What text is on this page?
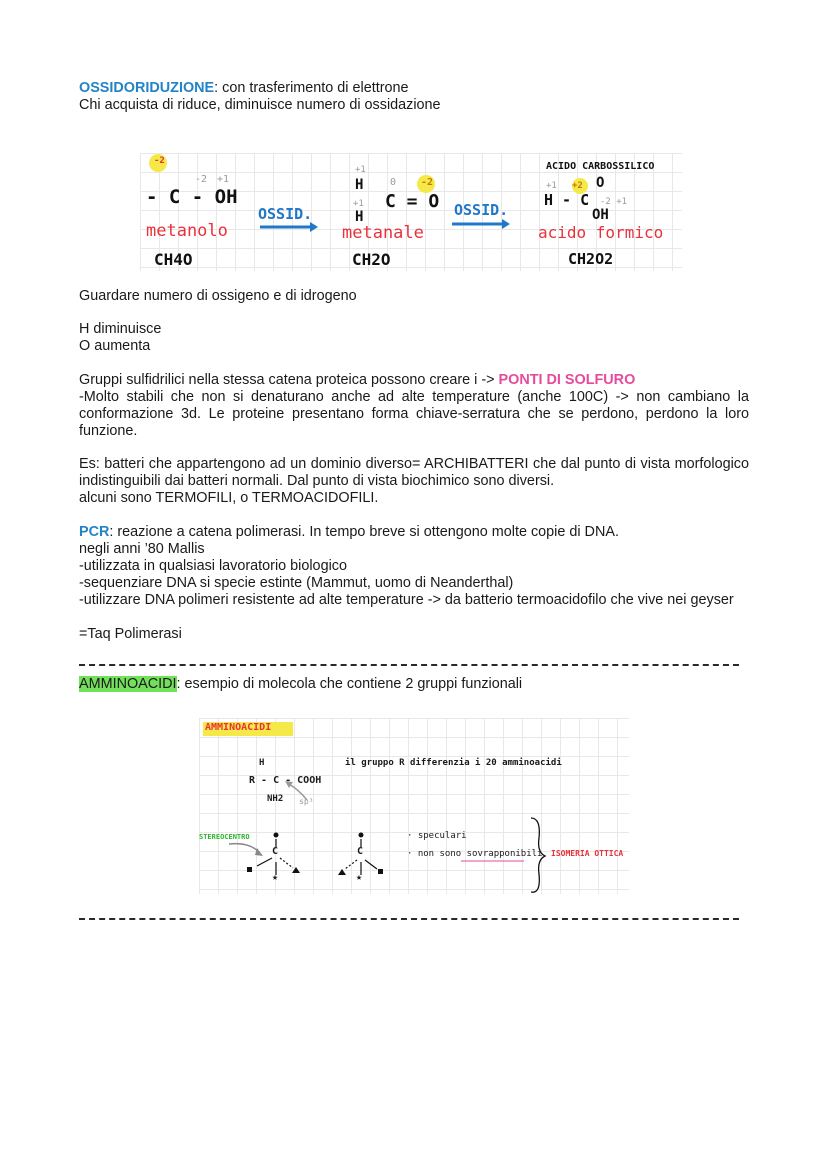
OSSIDORIDUZIONE: con trasferimento di elettrone
Chi acquista di riduce, diminuisce numero di ossidazione
-2
-2 +1
- C - OH
metanolo
CH4O
OSSID.
+1
H	0 -2
C = O
+1
H
metanale
CH2O
OSSID.
ACIDO CARBOSSILICO
+1 +2 O
H - C -2 +1
OH
acido formico
CH2O2
Guardare numero di ossigeno e di idrogeno
H diminuisce
O aumenta
Gruppi sulfidrilici nella stessa catena proteica possono creare i -> PONTI DI SOLFURO
-Molto stabili che non si denaturano anche ad alte temperature (anche 100C) -> non cambiano la conformazione 3d. Le proteine presentano forma chiave-serratura che se perdono, perdono la loro funzione.
Es: batteri che appartengono ad un dominio diverso= ARCHIBATTERI che dal punto di vista morfologico indistinguibili dai batteri normali. Dal punto di vista biochimico sono diversi.
alcuni sono TERMOFILI, o TERMOACIDOFILI.
PCR: reazione a catena polimerasi. In tempo breve si ottengono molte copie di DNA.
negli anni ’80 Mallis
-utilizzata in qualsiasi lavoratorio biologico
-sequenziare DNA si specie estinte (Mammut, uomo di Neanderthal)
-utilizzare DNA polimeri resistente ad alte temperature -> da batterio termoacidofilo che vive nei geyser
=Taq Polimerasi
AMMINOACIDI: esempio di molecola che contiene 2 gruppi funzionali
AMMINOACIDI
H
R - C - COOH
NH2 sp³
il gruppo R differenzia i 20 amminoacidi
STEREOCENTRO
C	C
★	★
· speculari
· non sono sovrapponibili ISOMERIA OTTICA
